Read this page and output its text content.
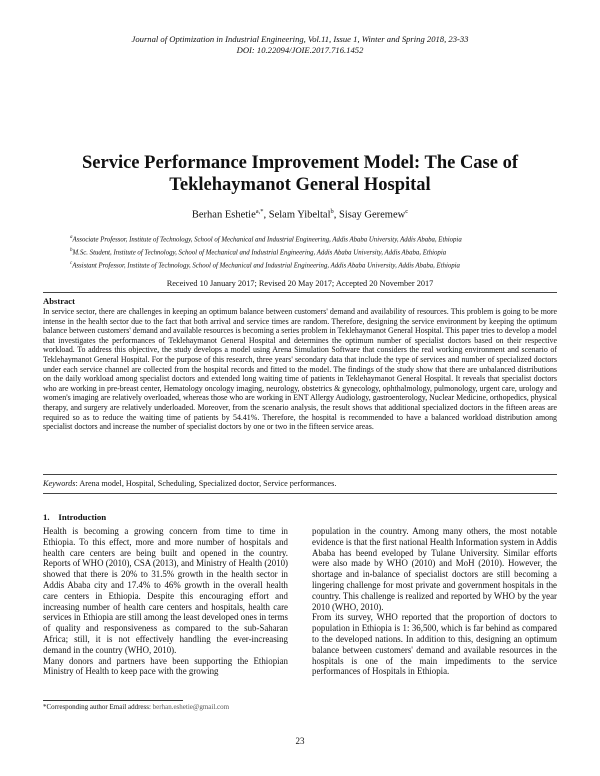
Journal of Optimization in Industrial Engineering, Vol.11, Issue 1, Winter and Spring 2018, 23-33
DOI: 10.22094/JOIE.2017.716.1452
Service Performance Improvement Model: The Case of Teklehaymanot General Hospital
Berhan Eshetie$^{a,*}$, Selam Yibeltal$^b$, Sisay Geremew$^c$
$^a$Associate Professor, Institute of Technology, School of Mechanical and Industrial Engineering, Addis Ababa University, Addis Ababa, Ethiopia
$^b$M.Sc. Student, Institute of Technology, School of Mechanical and Industrial Engineering, Addis Ababa University, Addis Ababa, Ethiopia
$^c$Assistant Professor, Institute of Technology, School of Mechanical and Industrial Engineering, Addis Ababa University, Addis Ababa, Ethiopia
Received 10 January 2017; Revised 20 May 2017; Accepted 20 November 2017
Abstract
In service sector, there are challenges in keeping an optimum balance between customers' demand and availability of resources. This problem is going to be more intense in the health sector due to the fact that both arrival and service times are random. Therefore, designing the service environment by keeping the optimum balance between customers' demand and available resources is becoming a series problem in Teklehaymanot General Hospital. This paper tries to develop a model that investigates the performances of Teklehaymanot General Hospital and determines the optimum number of specialist doctors based on their respective workload. To address this objective, the study develops a model using Arena Simulation Software that considers the real working environment and scenario of Teklehaymanot General Hospital. For the purpose of this research, three years' secondary data that include the type of services and number of specialized doctors under each service channel are collected from the hospital records and fitted to the model. The findings of the study show that there are unbalanced distributions on the daily workload among specialist doctors and extended long waiting time of patients in Teklehaymanot General Hospital. It reveals that specialist doctors who are working in pre-breast center, Hematology oncology imaging, neurology, obstetrics & gynecology, ophthalmology, pulmonology, urgent care, urology and women's imaging are relatively overloaded, whereas those who are working in ENT Allergy Audiology, gastroenterology, Nuclear Medicine, orthopedics, physical therapy, and surgery are relatively underloaded. Moreover, from the scenario analysis, the result shows that additional specialized doctors in the fifteen areas are required so as to reduce the waiting time of patients by 54.41%. Therefore, the hospital is recommended to have a balanced workload distribution among specialist doctors and increase the number of specialist doctors by one or two in the fifteen service areas.
Keywords: Arena model, Hospital, Scheduling, Specialized doctor, Service performances.
1.    Introduction

Health is becoming a growing concern from time to time in Ethiopia. To this effect, more and more number of hospitals and health care centers are being built and opened in the country. Reports of WHO (2010), CSA (2013), and Ministry of Health (2010) showed that there is 20% to 31.5% growth in the health sector in Addis Ababa city and 17.4% to 46% growth in the overall health care centers in Ethiopia. Despite this encouraging effort and increasing number of health care centers and hospitals, health care services in Ethiopia are still among the least developed ones in terms of quality and responsiveness as compared to the sub-Saharan Africa; still, it is not effectively handling the ever-increasing demand in the country (WHO, 2010).

Many donors and partners have been supporting the Ethiopian Ministry of Health to keep pace with the growing

population in the country. Among many others, the most notable evidence is that the first national Health Information system in Addis Ababa has beend eveloped by Tulane University. Similar efforts were also made by WHO (2010) and MoH (2010). However, the shortage and in-balance of specialist doctors are still becoming a lingering challenge for most private and government hospitals in the country. This challenge is realized and reported by WHO by the year 2010 (WHO, 2010).

From its survey, WHO reported that the proportion of doctors to population in Ethiopia is 1: 36,500, which is far behind as compared to the developed nations. In addition to this, designing an optimum balance between customers' demand and available resources in the hospitals is one of the main impediments to the service performances of Hospitals in Ethiopia.

*Corresponding author Email address: berhan.eshetie@gmail.com
23
